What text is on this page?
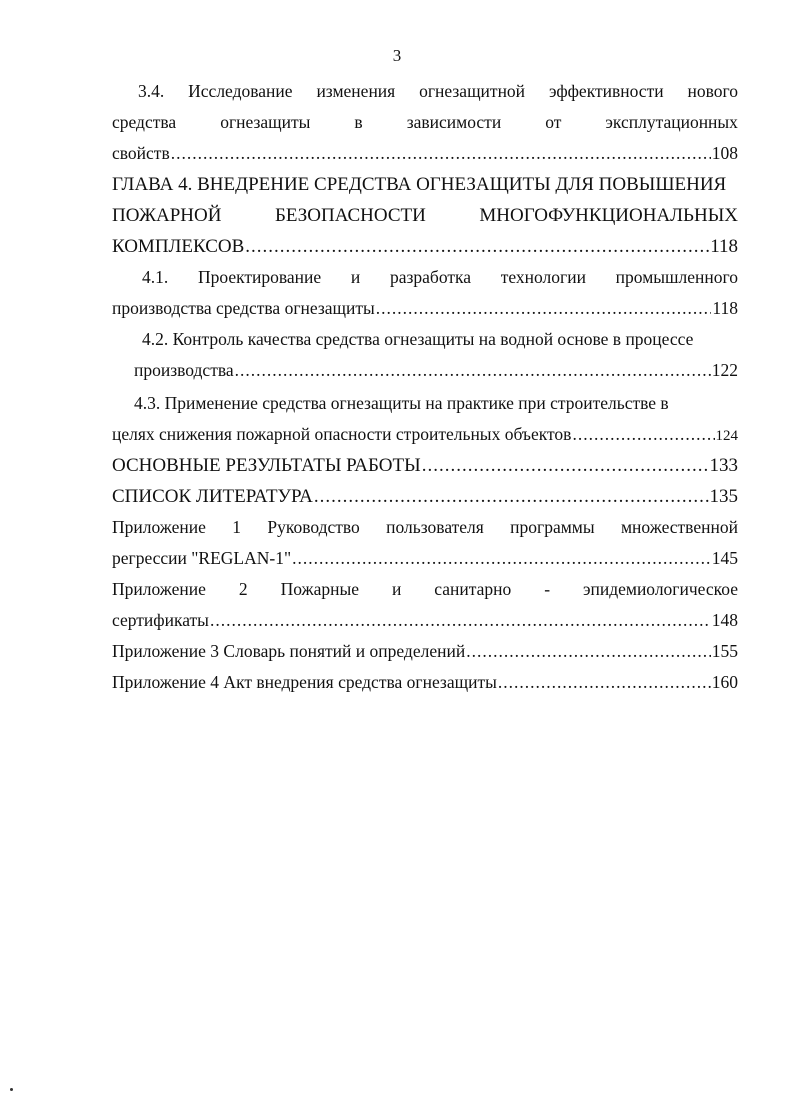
3
3.4. Исследование изменения огнезащитной эффективности нового
средства	огнезащиты	в	зависимости	от	эксплутационных
свойств .....	108
ГЛАВА 4. ВНЕДРЕНИЕ СРЕДСТВА ОГНЕЗАЩИТЫ ДЛЯ ПОВЫШЕНИЯ
ПОЖАРНОЙ	БЕЗОПАСНОСТИ	МНОГОФУНКЦИОНАЛЬНЫХ
КОМПЛЕКСОВ .....	118
4.1. Проектирование и разработка технологии промышленного
производства средства огнезащиты .....	118
4.2. Контроль качества средства огнезащиты на водной основе в процессе
производства .....	122
4.3. Применение средства огнезащиты на практике при строительстве в
целях снижения пожарной опасности строительных объектов .....	124
ОСНОВНЫЕ РЕЗУЛЬТАТЫ РАБОТЫ .....	133
СПИСОК ЛИТЕРАТУРА .....	135
Приложение 1 Руководство пользователя программы множественной
регрессии "REGLAN-1" .....	145
Приложение 2 Пожарные и санитарно - эпидемиологическое
сертификаты .....	148
Приложение 3 Словарь понятий и определений .....	155
Приложение 4 Акт внедрения средства огнезащиты .....	160
